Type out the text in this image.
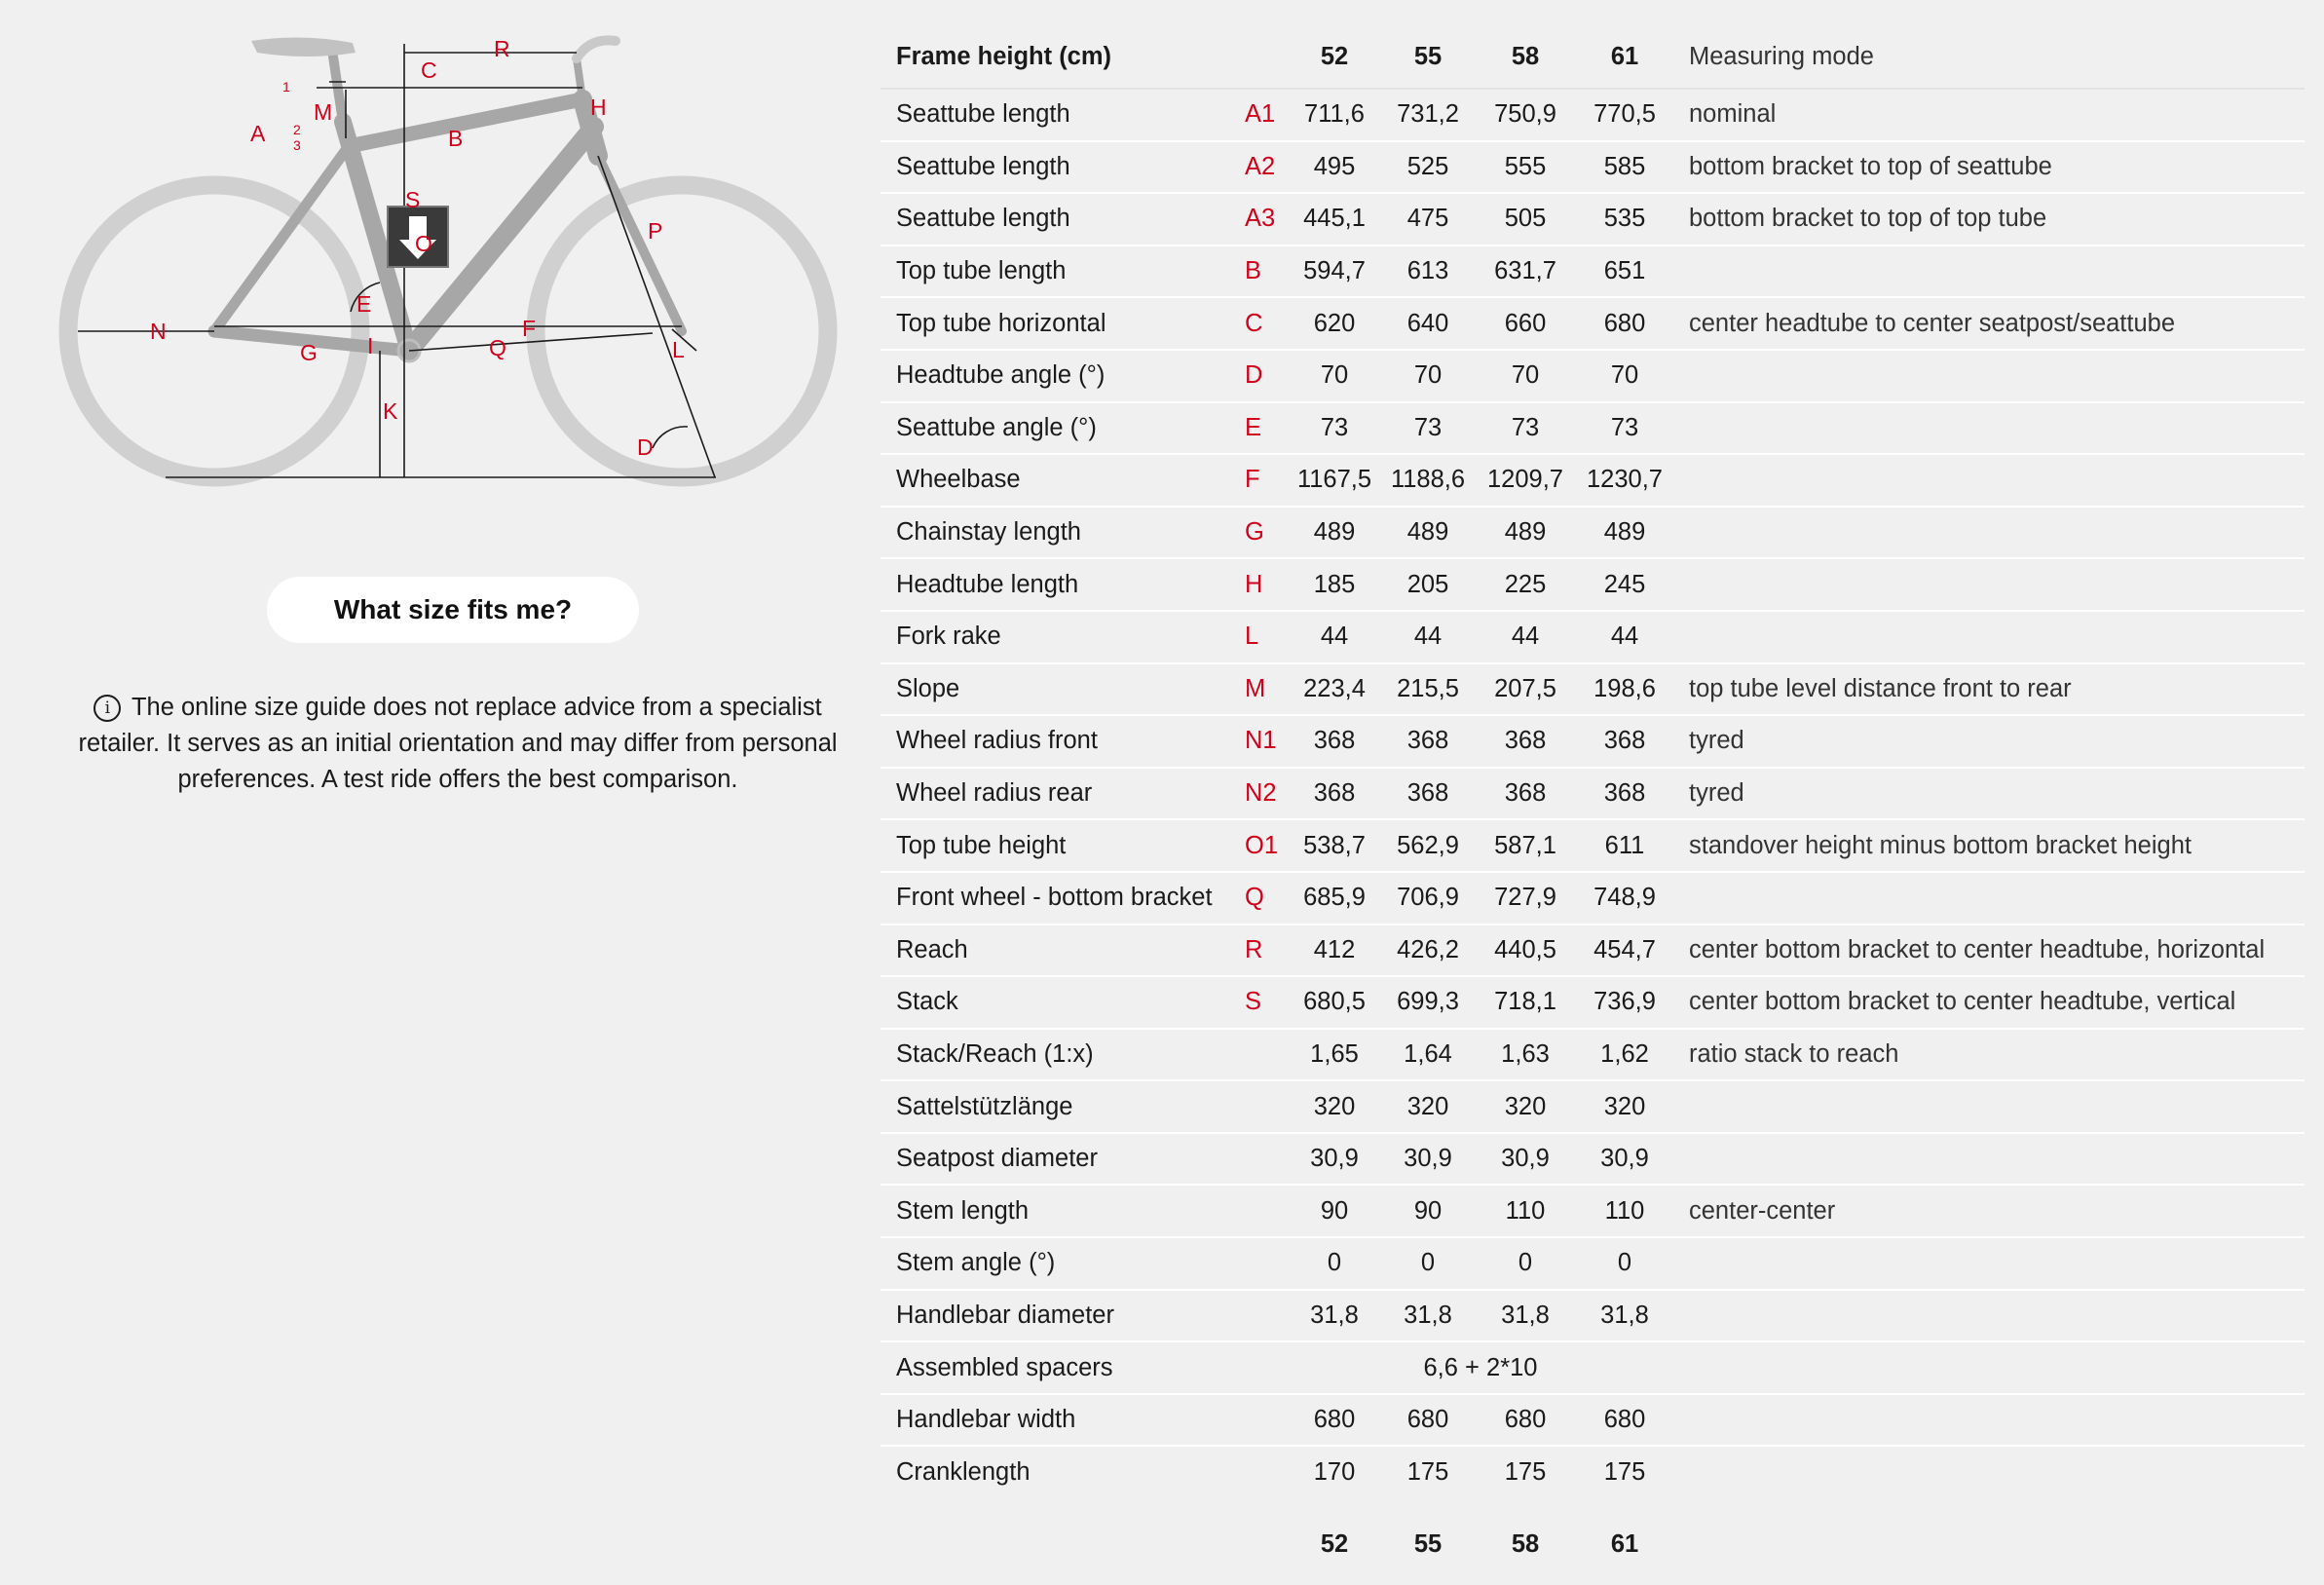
A
1
2
3	B
C
D
E
F
G
H
I
K
L
M
N
O	P
Q
R
S
What size fits me?
i The online size guide does not replace advice from a specialist retailer. It serves as an initial orientation and may differ from personal preferences. A test ride offers the best comparison.
Frame height (cm)		52	55	58	61	Measuring mode
Seattube length	A1	711,6	731,2	750,9	770,5	nominal
Seattube length	A2	495	525	555	585	bottom bracket to top of seattube
Seattube length	A3	445,1	475	505	535	bottom bracket to top of top tube
Top tube length	B	594,7	613	631,7	651	
Top tube horizontal	C	620	640	660	680	center headtube to center seatpost/seattube
Headtube angle (°)	D	70	70	70	70	
Seattube angle (°)	E	73	73	73	73	
Wheelbase	F	1167,5	1188,6	1209,7	1230,7	
Chainstay length	G	489	489	489	489	
Headtube length	H	185	205	225	245	
Fork rake	L	44	44	44	44	
Slope	M	223,4	215,5	207,5	198,6	top tube level distance front to rear
Wheel radius front	N1	368	368	368	368	tyred
Wheel radius rear	N2	368	368	368	368	tyred
Top tube height	O1	538,7	562,9	587,1	611	standover height minus bottom bracket height
Front wheel - bottom bracket	Q	685,9	706,9	727,9	748,9	
Reach	R	412	426,2	440,5	454,7	center bottom bracket to center headtube, horizontal
Stack	S	680,5	699,3	718,1	736,9	center bottom bracket to center headtube, vertical
Stack/Reach (1:x)		1,65	1,64	1,63	1,62	ratio stack to reach
Sattelstützlänge		320	320	320	320	
Seatpost diameter		30,9	30,9	30,9	30,9	
Stem length		90	90	110	110	center-center
Stem angle (°)		0	0	0	0	
Handlebar diameter		31,8	31,8	31,8	31,8	
Assembled spacers		6,6 + 2*10				
Handlebar width		680	680	680	680	
Cranklength		170	175	175	175	
		52	55	58	61	
